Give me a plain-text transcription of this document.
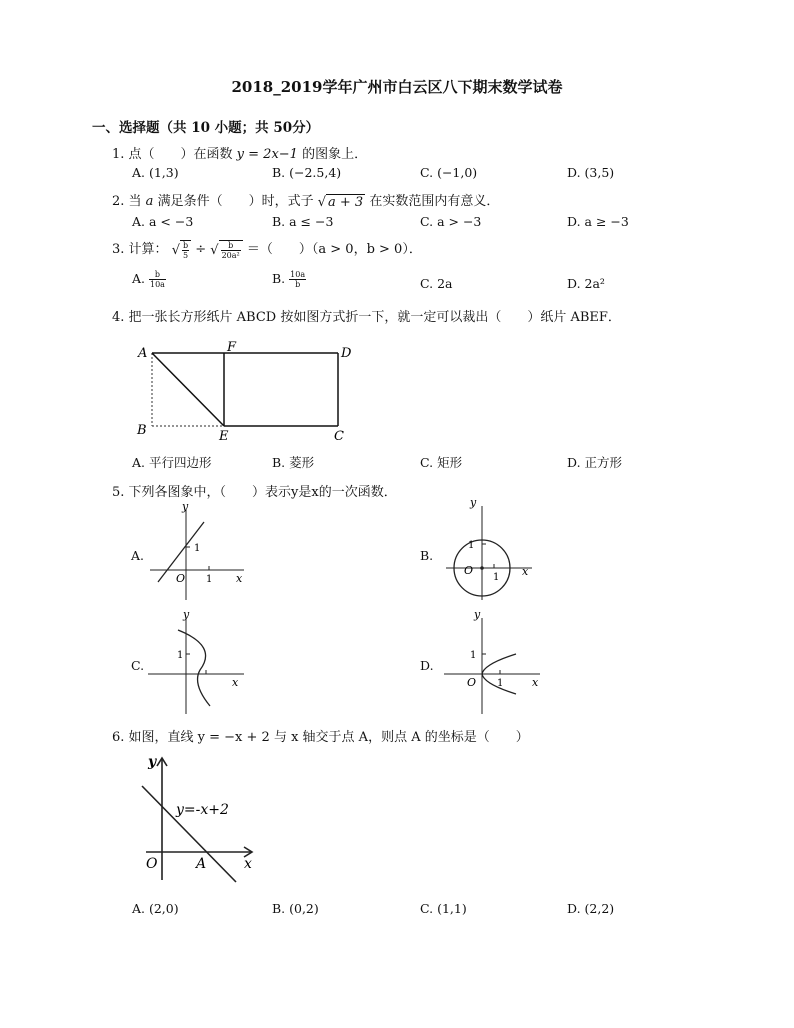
2018_2019学年广州市白云区八下期末数学试卷
一、选择题（共 10 小题；共 50分）
1. 点（　　）在函数 y = 2x−1 的图象上．
A. (1,3)	B. (−2.5,4)	C. (−1,0)	D. (3,5)
2. 当 a 满足条件（　　）时，式子 √ a + 3 在实数范围内有意义．
A. a < −3	B. a ≤ −3	C. a > −3	D. a ≥ −3
3. 计算： √ $\frac{b}{5}$ ÷ √ $\frac{b}{\text{20a²}}$ ＝（　　）（a > 0，b > 0）．
A. $\frac{b}{10a}$	B. $\frac{10a}{b}$	C. 2a	D. 2a²
4. 把一张长方形纸片 ABCD 按如图方式折一下，就一定可以裁出（　　）纸片 ABEF．
A
B
F	D
E	C
A. 平行四边形	B. 菱形	C. 矩形	D. 正方形
5. 下列各图象中，（　　）表示y是x的一次函数．
A.
y
x
O
1
1
B.
y
x
O
1
1
C.
y
x
1
D.
y
x
O
1
1
6. 如图，直线 y = −x + 2 与 x 轴交于点 A，则点 A 的坐标是（　　）
y
x
O	A
y=-x+2
A. (2,0)	B. (0,2)	C. (1,1)	D. (2,2)
